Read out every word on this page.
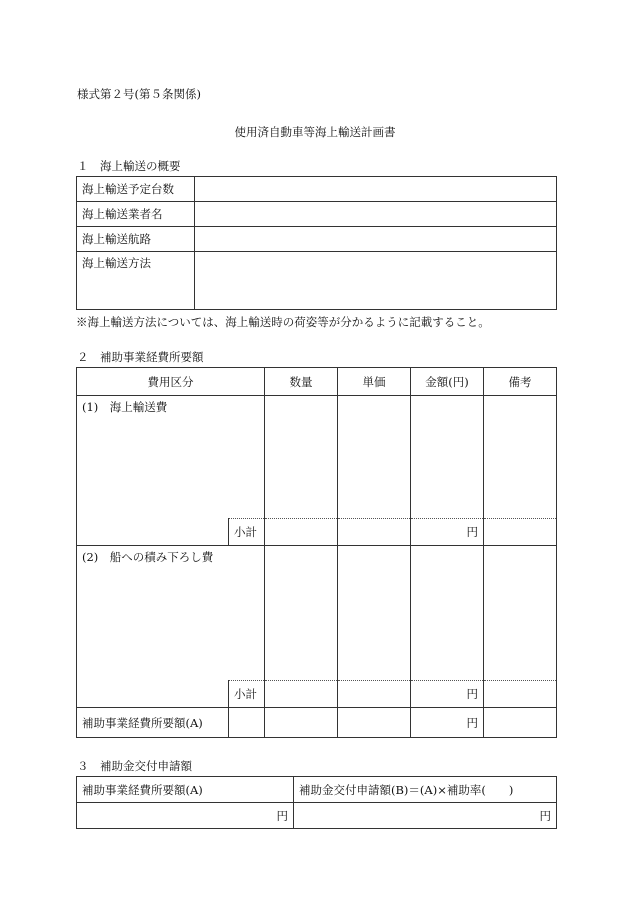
様式第２号(第５条関係)
使用済自動車等海上輸送計画書
１　海上輸送の概要
海上輸送予定台数	
海上輸送業者名	
海上輸送航路	
海上輸送方法	
※海上輸送方法については、海上輸送時の荷姿等が分かるように記載すること。
２　補助事業経費所要額
費用区分		数量	単価	金額(円)	備考
(1)　海上輸送費					
	小計			円	
(2)　船への積み下ろし費					
	小計			円	
補助事業経費所要額(A)				円	
３　補助金交付申請額
補助事業経費所要額(A)	補助金交付申請額(B)＝(A)×補助率(　　)
円	円
